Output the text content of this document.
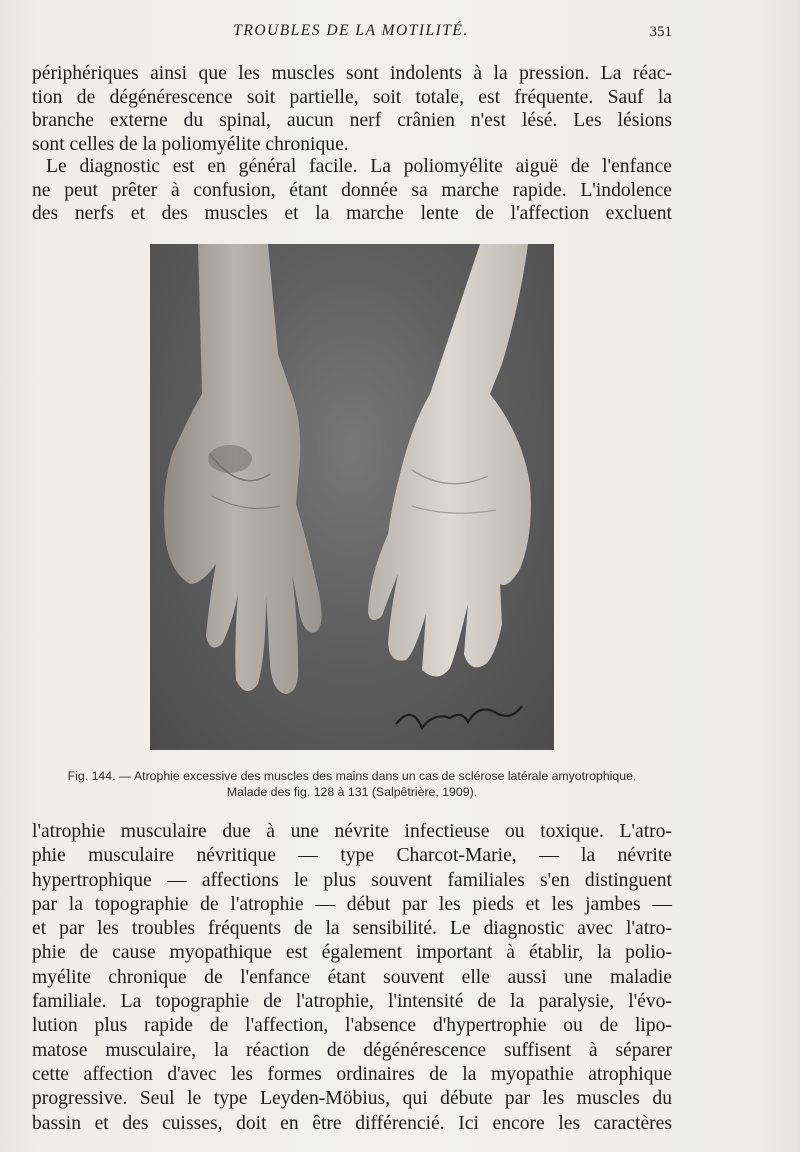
TROUBLES DE LA MOTILITÉ.	351

périphériques ainsi que les muscles sont indolents à la pression. La réac-
tion de dégénérescence soit partielle, soit totale, est fréquente. Sauf la
branche externe du spinal, aucun nerf crânien n'est lésé. Les lésions
sont celles de la poliomyélite chronique.

Le diagnostic est en général facile. La poliomyélite aiguë de l'enfance
ne peut prêter à confusion, étant donnée sa marche rapide. L'indolence
des nerfs et des muscles et la marche lente de l'affection excluent

Fig. 144. — Atrophie excessive des muscles des mains dans un cas de sclérose latérale amyotrophique.
Malade des fig. 128 à 131 (Salpêtrière, 1909).

l'atrophie musculaire due à une névrite infectieuse ou toxique. L'atro-
phie musculaire névritique — type Charcot-Marie, — la névrite
hypertrophique — affections le plus souvent familiales s'en distinguent
par la topographie de l'atrophie — début par les pieds et les jambes —
et par les troubles fréquents de la sensibilité. Le diagnostic avec l'atro-
phie de cause myopathique est également important à établir, la polio-
myélite chronique de l'enfance étant souvent elle aussi une maladie
familiale. La topographie de l'atrophie, l'intensité de la paralysie, l'évo-
lution plus rapide de l'affection, l'absence d'hypertrophie ou de lipo-
matose musculaire, la réaction de dégénérescence suffisent à séparer
cette affection d'avec les formes ordinaires de la myopathie atrophique
progressive. Seul le type Leyden-Möbius, qui débute par les muscles du
bassin et des cuisses, doit en être différencié. Ici encore les caractères
